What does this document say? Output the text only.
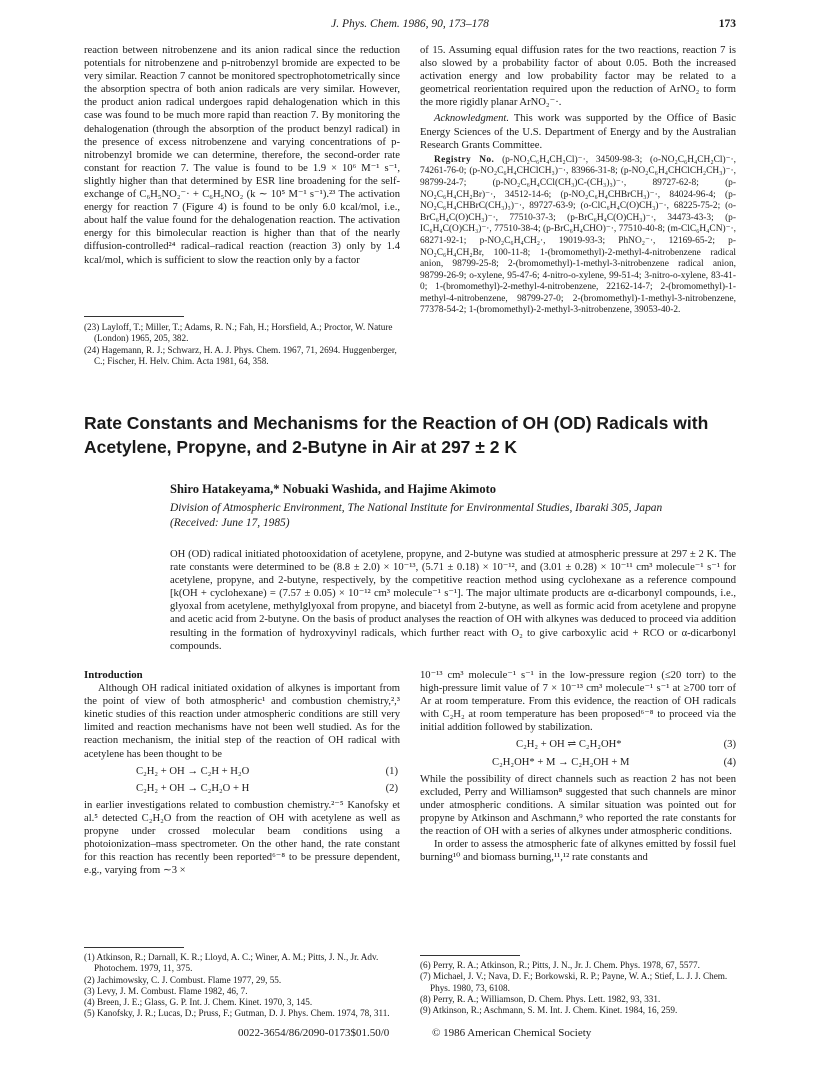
J. Phys. Chem. 1986, 90, 173–178	173

reaction between nitrobenzene and its anion radical since the reduction potentials for nitrobenzene and p-nitrobenzyl bromide are expected to be very similar. Reaction 7 cannot be monitored spectrophotometrically since the absorption spectra of both anion radicals are very similar. However, the product anion radical undergoes rapid dehalogenation which in this case was found to be much more rapid than reaction 7. By monitoring the dehalogenation (through the absorption of the product benzyl radical) in the presence of excess nitrobenzene and varying concentrations of p-nitrobenzyl bromide we can determine, therefore, the second-order rate constant for reaction 7. The value is found to be 1.9 × 10⁶ M⁻¹ s⁻¹, slightly higher than that determined by ESR line broadening for the self-exchange of C₆H₅NO₂⁻· + C₆H₅NO₂ (k ∼ 10⁵ M⁻¹ s⁻¹).²³ The activation energy for reaction 7 (Figure 4) is found to be only 6.0 kcal/mol, i.e., about half the value found for the dehalogenation reaction. The activation energy for this bimolecular reaction is higher than that of the nearly diffusion-controlled²⁴ radical–radical reaction (reaction 3) only by 1.4 kcal/mol, which is sufficient to slow the reaction only by a factor

(23) Layloff, T.; Miller, T.; Adams, R. N.; Fah, H.; Horsfield, A.; Proctor, W. Nature (London) 1965, 205, 382.
(24) Hagemann, R. J.; Schwarz, H. A. J. Phys. Chem. 1967, 71, 2694. Huggenberger, C.; Fischer, H. Helv. Chim. Acta 1981, 64, 358.

of 15. Assuming equal diffusion rates for the two reactions, reaction 7 is also slowed by a probability factor of about 0.05. Both the increased activation energy and low probability factor may be related to a geometrical reorientation required upon the reduction of ArNO₂ to form the more rigidly planar ArNO₂⁻·.

Acknowledgment. This work was supported by the Office of Basic Energy Sciences of the U.S. Department of Energy and by the Australian Research Grants Committee.

Registry No. (p-NO₂C₆H₄CH₂Cl)⁻·, 34509-98-3; (o-NO₂C₆H₄CH₂Cl)⁻·, 74261-76-0; (p-NO₂C₆H₄CHClCH₃)⁻·, 83966-31-8; (p-NO₂C₆H₄CHClCH₂CH₃)⁻·, 98799-24-7; (p-NO₂C₆H₄CCl(CH₃)C-(CH₃)₃)⁻·, 89727-62-8; (p-NO₂C₆H₄CH₂Br)⁻·, 34512-14-6; (p-NO₂C₆H₄CHBrCH₃)⁻·, 84024-96-4; (p-NO₂C₆H₄CHBrC(CH₃)₃)⁻·, 89727-63-9; (o-ClC₆H₄C(O)CH₃)⁻·, 68225-75-2; (o-BrC₆H₄C(O)CH₃)⁻·, 77510-37-3; (p-BrC₆H₄C(O)CH₃)⁻·, 34473-43-3; (p-IC₆H₄C(O)CH₃)⁻·, 77510-38-4; (p-BrC₆H₄CHO)⁻·, 77510-40-8; (m-ClC₆H₄CN)⁻·, 68271-92-1; p-NO₂C₆H₄CH₂·, 19019-93-3; PhNO₂⁻·, 12169-65-2; p-NO₂C₆H₄CH₂Br, 100-11-8; 1-(bromomethyl)-2-methyl-4-nitrobenzene radical anion, 98799-25-8; 2-(bromomethyl)-1-methyl-3-nitrobenzene radical anion, 98799-26-9; o-xylene, 95-47-6; 4-nitro-o-xylene, 99-51-4; 3-nitro-o-xylene, 83-41-0; 1-(bromomethyl)-2-methyl-4-nitrobenzene, 22162-14-7; 2-(bromomethyl)-1-methyl-4-nitrobenzene, 98799-27-0; 2-(bromomethyl)-1-methyl-3-nitrobenzene, 77378-54-2; 1-(bromomethyl)-2-methyl-3-nitrobenzene, 39053-40-2.

Rate Constants and Mechanisms for the Reaction of OH (OD) Radicals with Acetylene, Propyne, and 2-Butyne in Air at 297 ± 2 K
Shiro Hatakeyama,* Nobuaki Washida, and Hajime Akimoto
Division of Atmospheric Environment, The National Institute for Environmental Studies, Ibaraki 305, Japan
(Received: June 17, 1985)
OH (OD) radical initiated photooxidation of acetylene, propyne, and 2-butyne was studied at atmospheric pressure at 297 ± 2 K. The rate constants were determined to be (8.8 ± 2.0) × 10⁻¹³, (5.71 ± 0.18) × 10⁻¹², and (3.01 ± 0.28) × 10⁻¹¹ cm³ molecule⁻¹ s⁻¹ for acetylene, propyne, and 2-butyne, respectively, by the competitive reaction method using cyclohexane as a reference compound [k(OH + cyclohexane) = (7.57 ± 0.05) × 10⁻¹² cm³ molecule⁻¹ s⁻¹]. The major ultimate products are α-dicarbonyl compounds, i.e., glyoxal from acetylene, methylglyoxal from propyne, and biacetyl from 2-butyne, as well as formic acid from acetylene and propyne and acetic acid from 2-butyne. On the basis of product analyses the reaction of OH with alkynes was deduced to proceed via addition resulting in the formation of hydroxyvinyl radicals, which further react with O₂ to give carboxylic acid + RCO or α-dicarbonyl compounds.

Introduction

Although OH radical initiated oxidation of alkynes is important from the point of view of both atmospheric¹ and combustion chemistry,²,³ kinetic studies of this reaction under atmospheric conditions are still very limited and reaction mechanisms have not been well studied. As for the reaction mechanism, the initial step of the reaction of OH radical with acetylene has been thought to be

C₂H₂ + OH → C₂H + H₂O	(1)
C₂H₂ + OH → C₂H₂O + H	(2)

in earlier investigations related to combustion chemistry.²⁻⁵ Kanofsky et al.⁵ detected C₂H₂O from the reaction of OH with acetylene as well as propyne under crossed molecular beam conditions using a photoionization–mass spectrometer. On the other hand, the rate constant for this reaction has recently been reported⁶⁻⁸ to be pressure dependent, e.g., varying from ∼3 ×

(1) Atkinson, R.; Darnall, K. R.; Lloyd, A. C.; Winer, A. M.; Pitts, J. N., Jr. Adv. Photochem. 1979, 11, 375.
(2) Jachimowsky, C. J. Combust. Flame 1977, 29, 55.
(3) Levy, J. M. Combust. Flame 1982, 46, 7.
(4) Breen, J. E.; Glass, G. P. Int. J. Chem. Kinet. 1970, 3, 145.
(5) Kanofsky, J. R.; Lucas, D.; Pruss, F.; Gutman, D. J. Phys. Chem. 1974, 78, 311.

10⁻¹³ cm³ molecule⁻¹ s⁻¹ in the low-pressure region (≤20 torr) to the high-pressure limit value of 7 × 10⁻¹³ cm³ molecule⁻¹ s⁻¹ at ≥700 torr of Ar at room temperature. From this evidence, the reaction of OH radicals with C₂H₂ at room temperature has been proposed⁶⁻⁸ to proceed via the initial addition followed by stabilization.

C₂H₂ + OH ⇌ C₂H₂OH*	(3)
C₂H₂OH* + M → C₂H₂OH + M	(4)

While the possibility of direct channels such as reaction 2 has not been excluded, Perry and Williamson⁸ suggested that such channels are minor under atmospheric conditions. A similar situation was pointed out for propyne by Atkinson and Aschmann,⁹ who reported the rate constants for the reaction of OH with a series of alkynes under atmospheric conditions.

In order to assess the atmospheric fate of alkynes emitted by fossil fuel burning¹⁰ and biomass burning,¹¹,¹² rate constants and

(6) Perry, R. A.; Atkinson, R.; Pitts, J. N., Jr. J. Chem. Phys. 1978, 67, 5577.
(7) Michael, J. V.; Nava, D. F.; Borkowski, R. P.; Payne, W. A.; Stief, L. J. J. Chem. Phys. 1980, 73, 6108.
(8) Perry, R. A.; Williamson, D. Chem. Phys. Lett. 1982, 93, 331.
(9) Atkinson, R.; Aschmann, S. M. Int. J. Chem. Kinet. 1984, 16, 259.
0022-3654/86/2090-0173$01.50/0	© 1986 American Chemical Society
